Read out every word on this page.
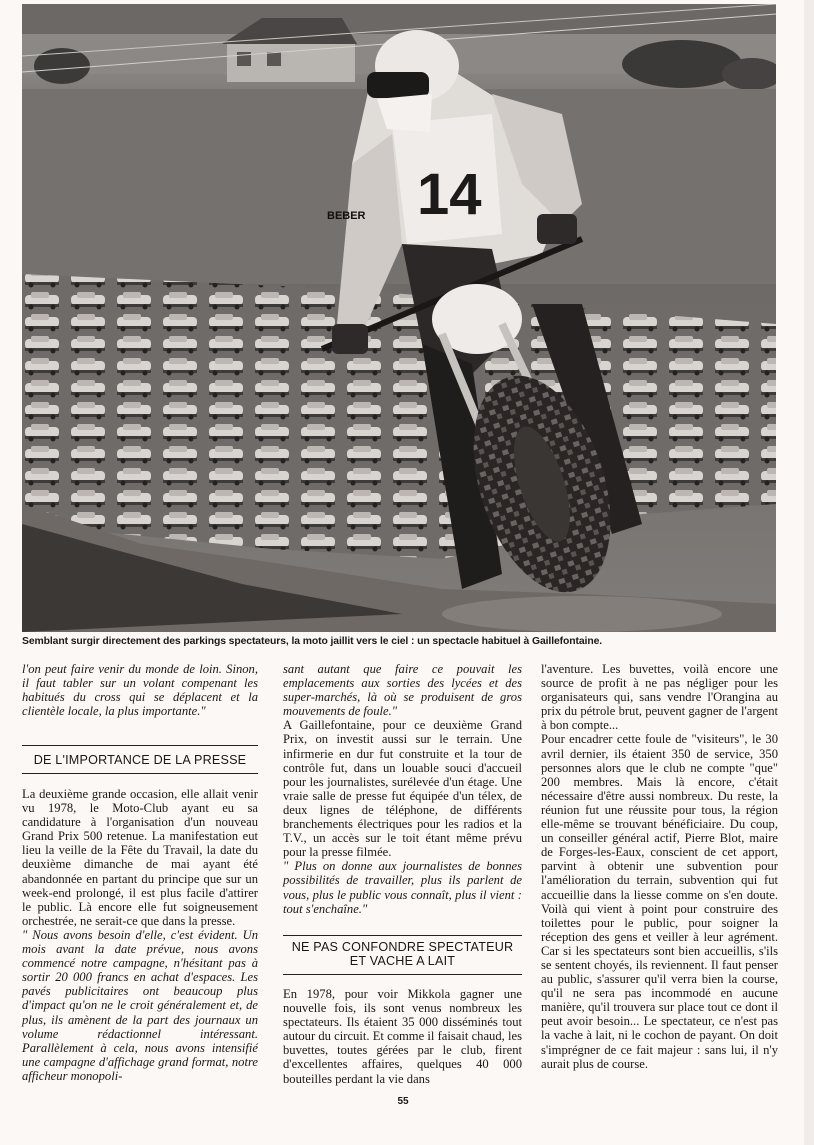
14
BEBER
Semblant surgir directement des parkings spectateurs, la moto jaillit vers le ciel : un spectacle habituel à Gaillefontaine.

l'on peut faire venir du monde de loin. Sinon, il faut tabler sur un volant compenant les habitués du cross qui se déplacent et la clientèle locale, la plus importante."

DE L'IMPORTANCE DE LA PRESSE

La deuxième grande occasion, elle allait venir vu 1978, le Moto-Club ayant eu sa candidature à l'organisation d'un nouveau Grand Prix 500 retenue. La manifestation eut lieu la veille de la Fête du Travail, la date du deuxième dimanche de mai ayant été abandonnée en partant du principe que sur un week-end prolongé, il est plus facile d'attirer le public. Là encore elle fut soigneusement orchestrée, ne serait-ce que dans la presse.

" Nous avons besoin d'elle, c'est évident. Un mois avant la date prévue, nous avons commencé notre campagne, n'hésitant pas à sortir 20 000 francs en achat d'espaces. Les pavés publicitaires ont beaucoup plus d'impact qu'on ne le croit généralement et, de plus, ils amènent de la part des journaux un volume rédactionnel intéressant. Parallèlement à cela, nous avons intensifié une campagne d'affichage grand format, notre afficheur monopoli-

sant autant que faire ce pouvait les emplacements aux sorties des lycées et des super-marchés, là où se produisent de gros mouvements de foule."

A Gaillefontaine, pour ce deuxième Grand Prix, on investit aussi sur le terrain. Une infirmerie en dur fut construite et la tour de contrôle fut, dans un louable souci d'accueil pour les journalistes, surélevée d'un étage. Une vraie salle de presse fut équipée d'un télex, de deux lignes de téléphone, de différents branchements électriques pour les radios et la T.V., un accès sur le toit étant même prévu pour la presse filmée.

" Plus on donne aux journalistes de bonnes possibilités de travailler, plus ils parlent de vous, plus le public vous connaît, plus il vient : tout s'enchaîne."

NE PAS CONFONDRE SPECTATEUR
ET VACHE A LAIT

En 1978, pour voir Mikkola gagner une nouvelle fois, ils sont venus nombreux les spectateurs. Ils étaient 35 000 disséminés tout autour du circuit. Et comme il faisait chaud, les buvettes, toutes gérées par le club, firent d'excellentes affaires, quelques 40 000 bouteilles perdant la vie dans

l'aventure. Les buvettes, voilà encore une source de profit à ne pas négliger pour les organisateurs qui, sans vendre l'Orangina au prix du pétrole brut, peuvent gagner de l'argent à bon compte...

Pour encadrer cette foule de "visiteurs", le 30 avril dernier, ils étaient 350 de service, 350 personnes alors que le club ne compte "que" 200 membres. Mais là encore, c'était nécessaire d'être aussi nombreux. Du reste, la réunion fut une réussite pour tous, la région elle-même se trouvant bénéficiaire. Du coup, un conseiller général actif, Pierre Blot, maire de Forges-les-Eaux, conscient de cet apport, parvint à obtenir une subvention pour l'amélioration du terrain, subvention qui fut accueillie dans la liesse comme on s'en doute. Voilà qui vient à point pour construire des toilettes pour le public, pour soigner la réception des gens et veiller à leur agrément. Car si les spectateurs sont bien accueillis, s'ils se sentent choyés, ils reviennent. Il faut penser au public, s'assurer qu'il verra bien la course, qu'il ne sera pas incommodé en aucune manière, qu'il trouvera sur place tout ce dont il peut avoir besoin... Le spectateur, ce n'est pas la vache à lait, ni le cochon de payant. On doit s'imprégner de ce fait majeur : sans lui, il n'y aurait plus de course.

55
